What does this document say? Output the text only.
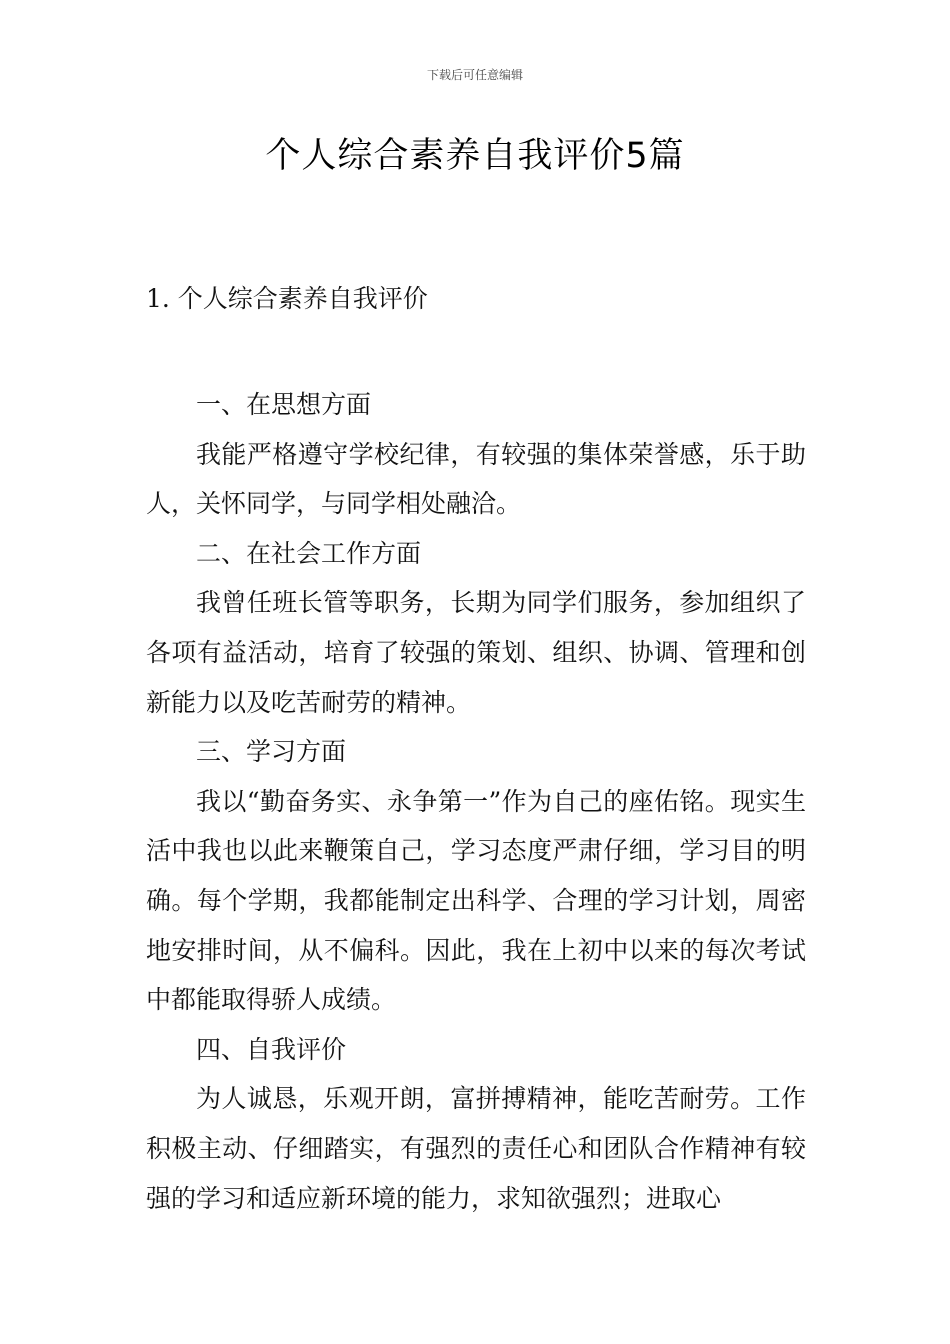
下载后可任意编辑
个人综合素养自我评价5篇
1. 个人综合素养自我评价

一、在思想方面

我能严格遵守学校纪律，有较强的集体荣誉感，乐于助人，关怀同学，与同学相处融洽。

二、在社会工作方面

我曾任班长管等职务，长期为同学们服务，参加组织了各项有益活动，培育了较强的策划、组织、协调、管理和创新能力以及吃苦耐劳的精神。

三、学习方面

我以“勤奋务实、永争第一”作为自己的座佑铭。现实生活中我也以此来鞭策自己，学习态度严肃仔细，学习目的明确。每个学期，我都能制定出科学、合理的学习计划，周密地安排时间，从不偏科。因此，我在上初中以来的每次考试中都能取得骄人成绩。

四、自我评价

为人诚恳，乐观开朗，富拼搏精神，能吃苦耐劳。工作积极主动、仔细踏实，有强烈的责任心和团队合作精神有较强的学习和适应新环境的能力，求知欲强烈；进取心
